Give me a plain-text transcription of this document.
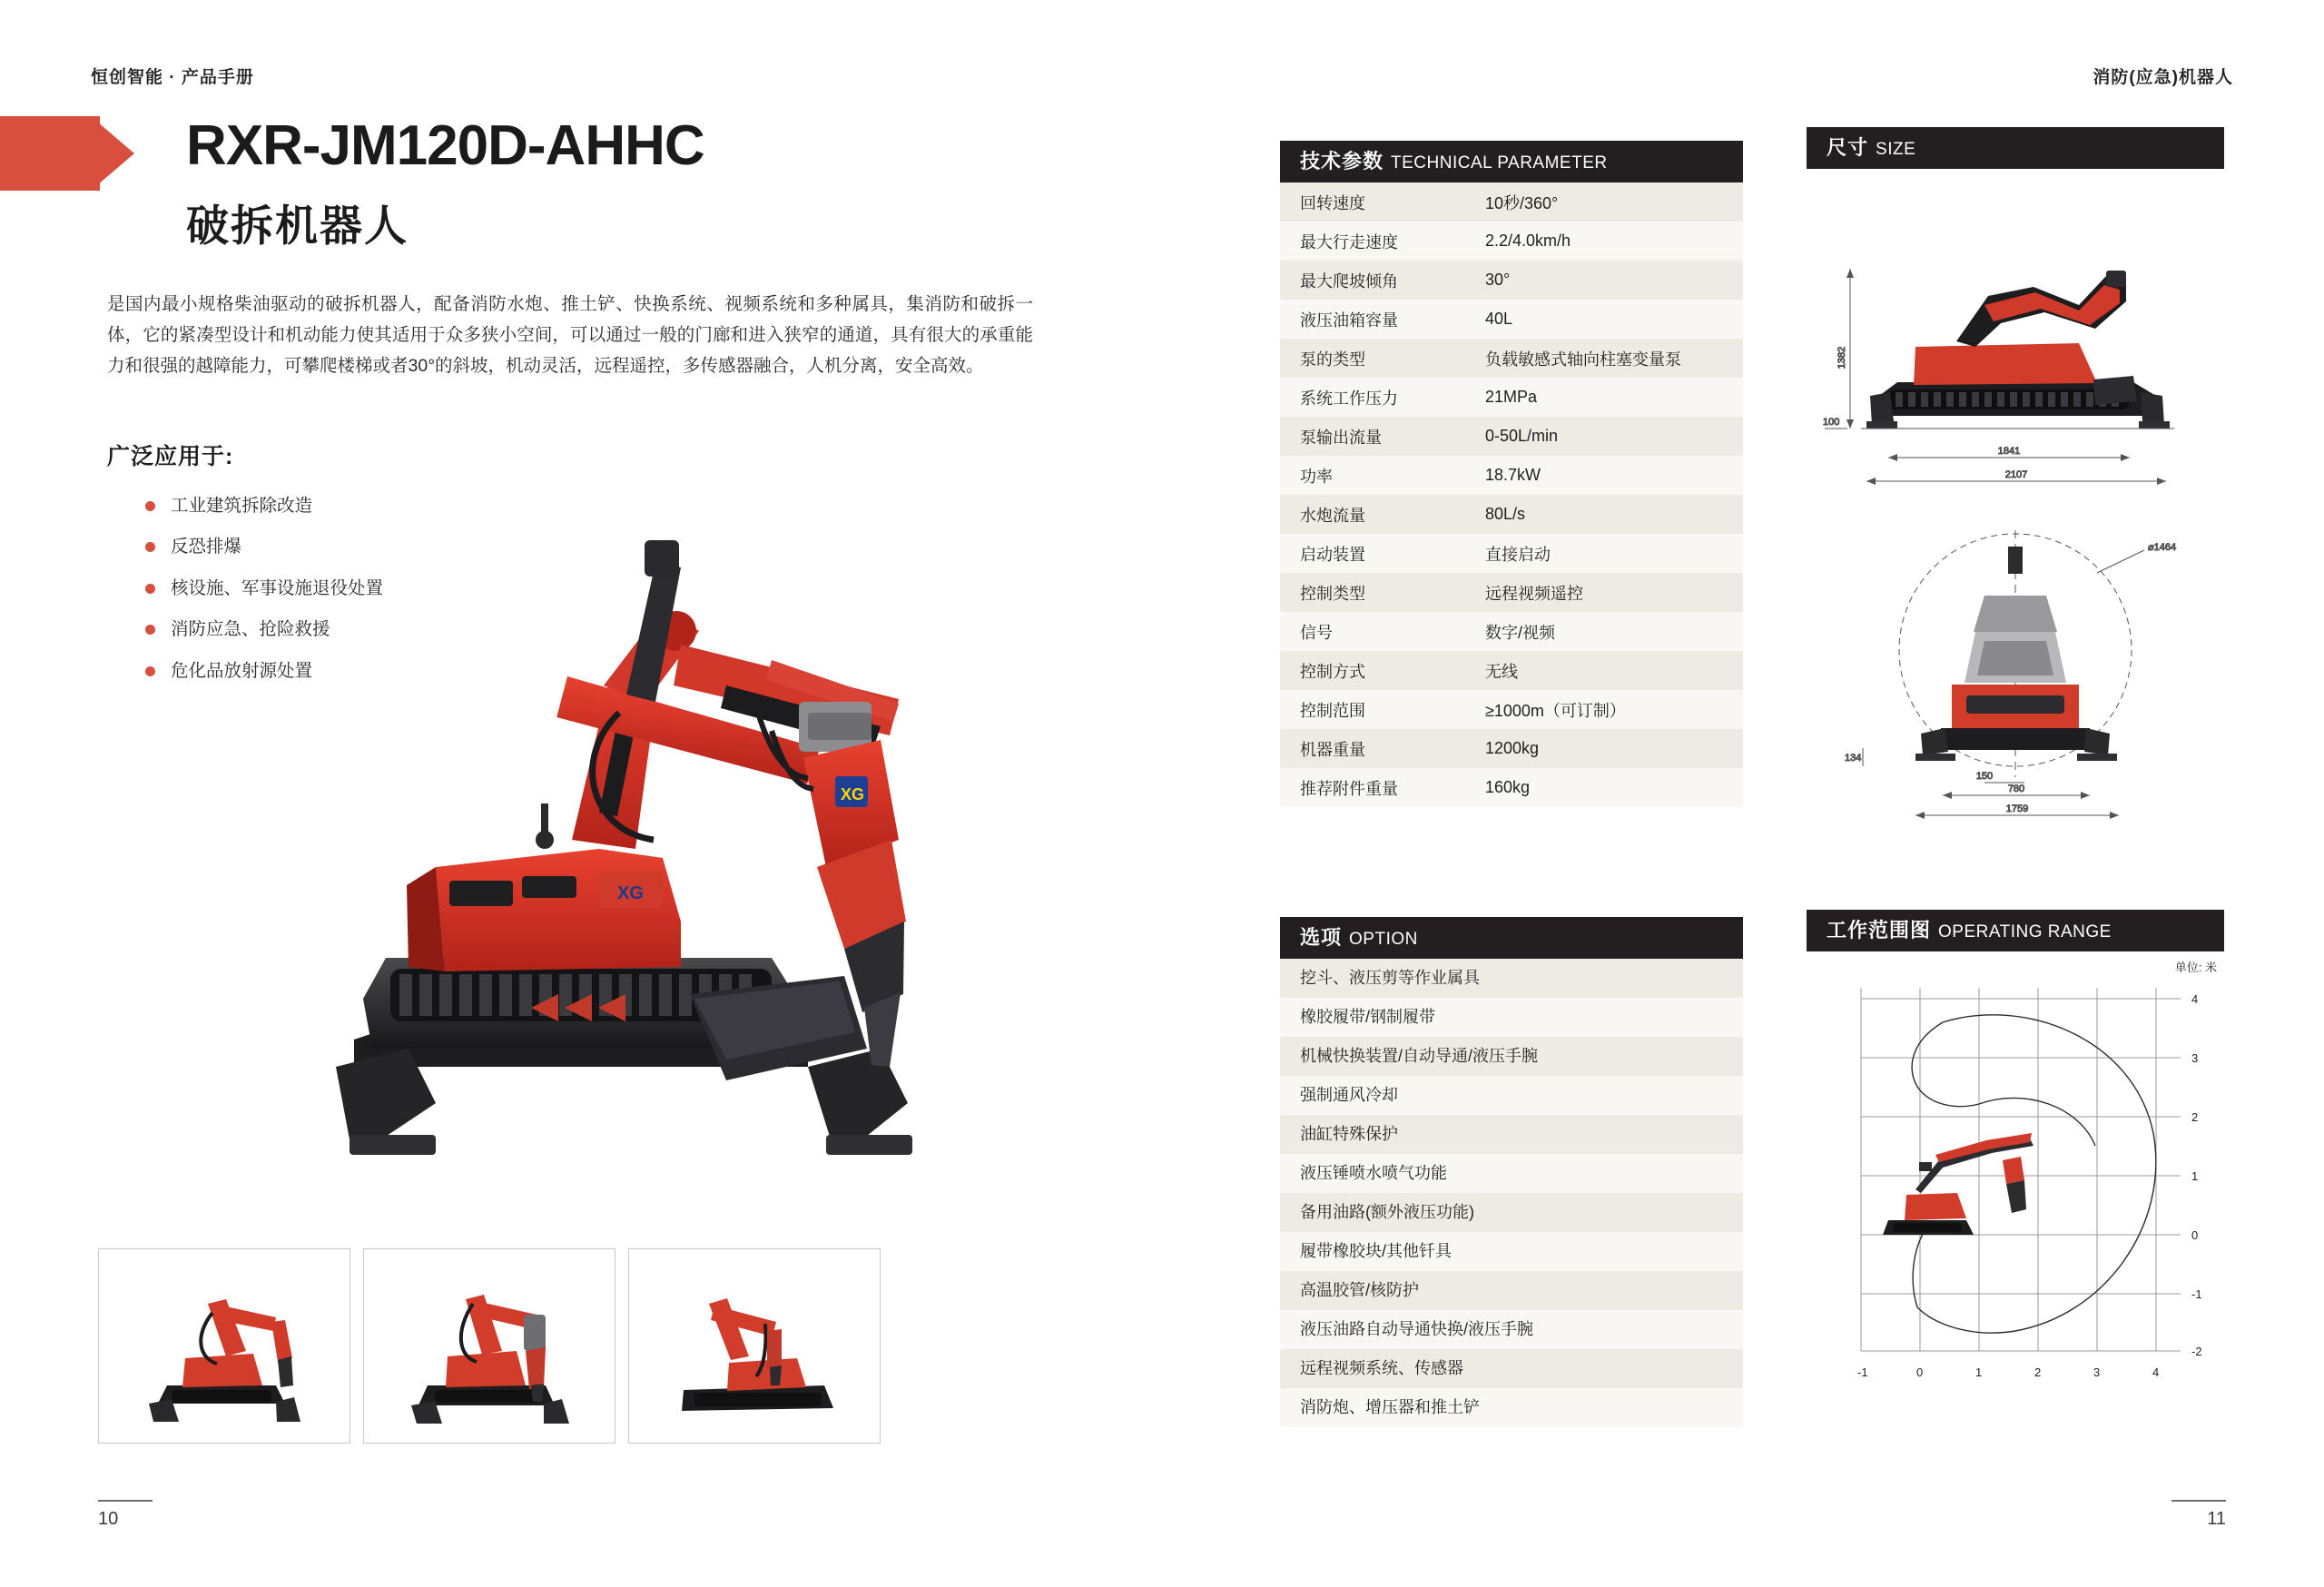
恒创智能 · 产品手册	消防(应急)机器人
RXR-JM120D-AHHC
破拆机器人
是国内最小规格柴油驱动的破拆机器人，配备消防水炮、推土铲、快换系统、视频系统和多种属具，集消防和破拆一体，它的紧凑型设计和机动能力使其适用于众多狭小空间，可以通过一般的门廊和进入狭窄的通道，具有很大的承重能力和很强的越障能力，可攀爬楼梯或者30°的斜坡，机动灵活，远程遥控，多传感器融合，人机分离，安全高效。
广泛应用于:
工业建筑拆除改造
反恐排爆
核设施、军事设施退役处置
消防应急、抢险救援
危化品放射源处置
XG
XG
10	11
技术参数 TECHNICAL PARAMETER
回转速度	10秒/360°
最大行走速度	2.2/4.0km/h
最大爬坡倾角	30°
液压油箱容量	40L
泵的类型	负载敏感式轴向柱塞变量泵
系统工作压力	21MPa
泵输出流量	0-50L/min
功率	18.7kW
水炮流量	80L/s
启动装置	直接启动
控制类型	远程视频遥控
信号	数字/视频
控制方式	无线
控制范围	≥1000m（可订制）
机器重量	1200kg
推荐附件重量	160kg
选项 OPTION
挖斗、液压剪等作业属具
橡胶履带/钢制履带
机械快换装置/自动导通/液压手腕
强制通风冷却
油缸特殊保护
液压锤喷水喷气功能
备用油路(额外液压功能)
履带橡胶块/其他钎具
高温胶管/核防护
液压油路自动导通快换/液压手腕
远程视频系统、传感器
消防炮、增压器和推土铲
尺寸 SIZE
1382
100
1841
2107
⌀1464
134
150
780
1759
工作范围图 OPERATING RANGE
单位: 米
4
3
2
1
0
-1
-2
-1	0	1	2	3	4
